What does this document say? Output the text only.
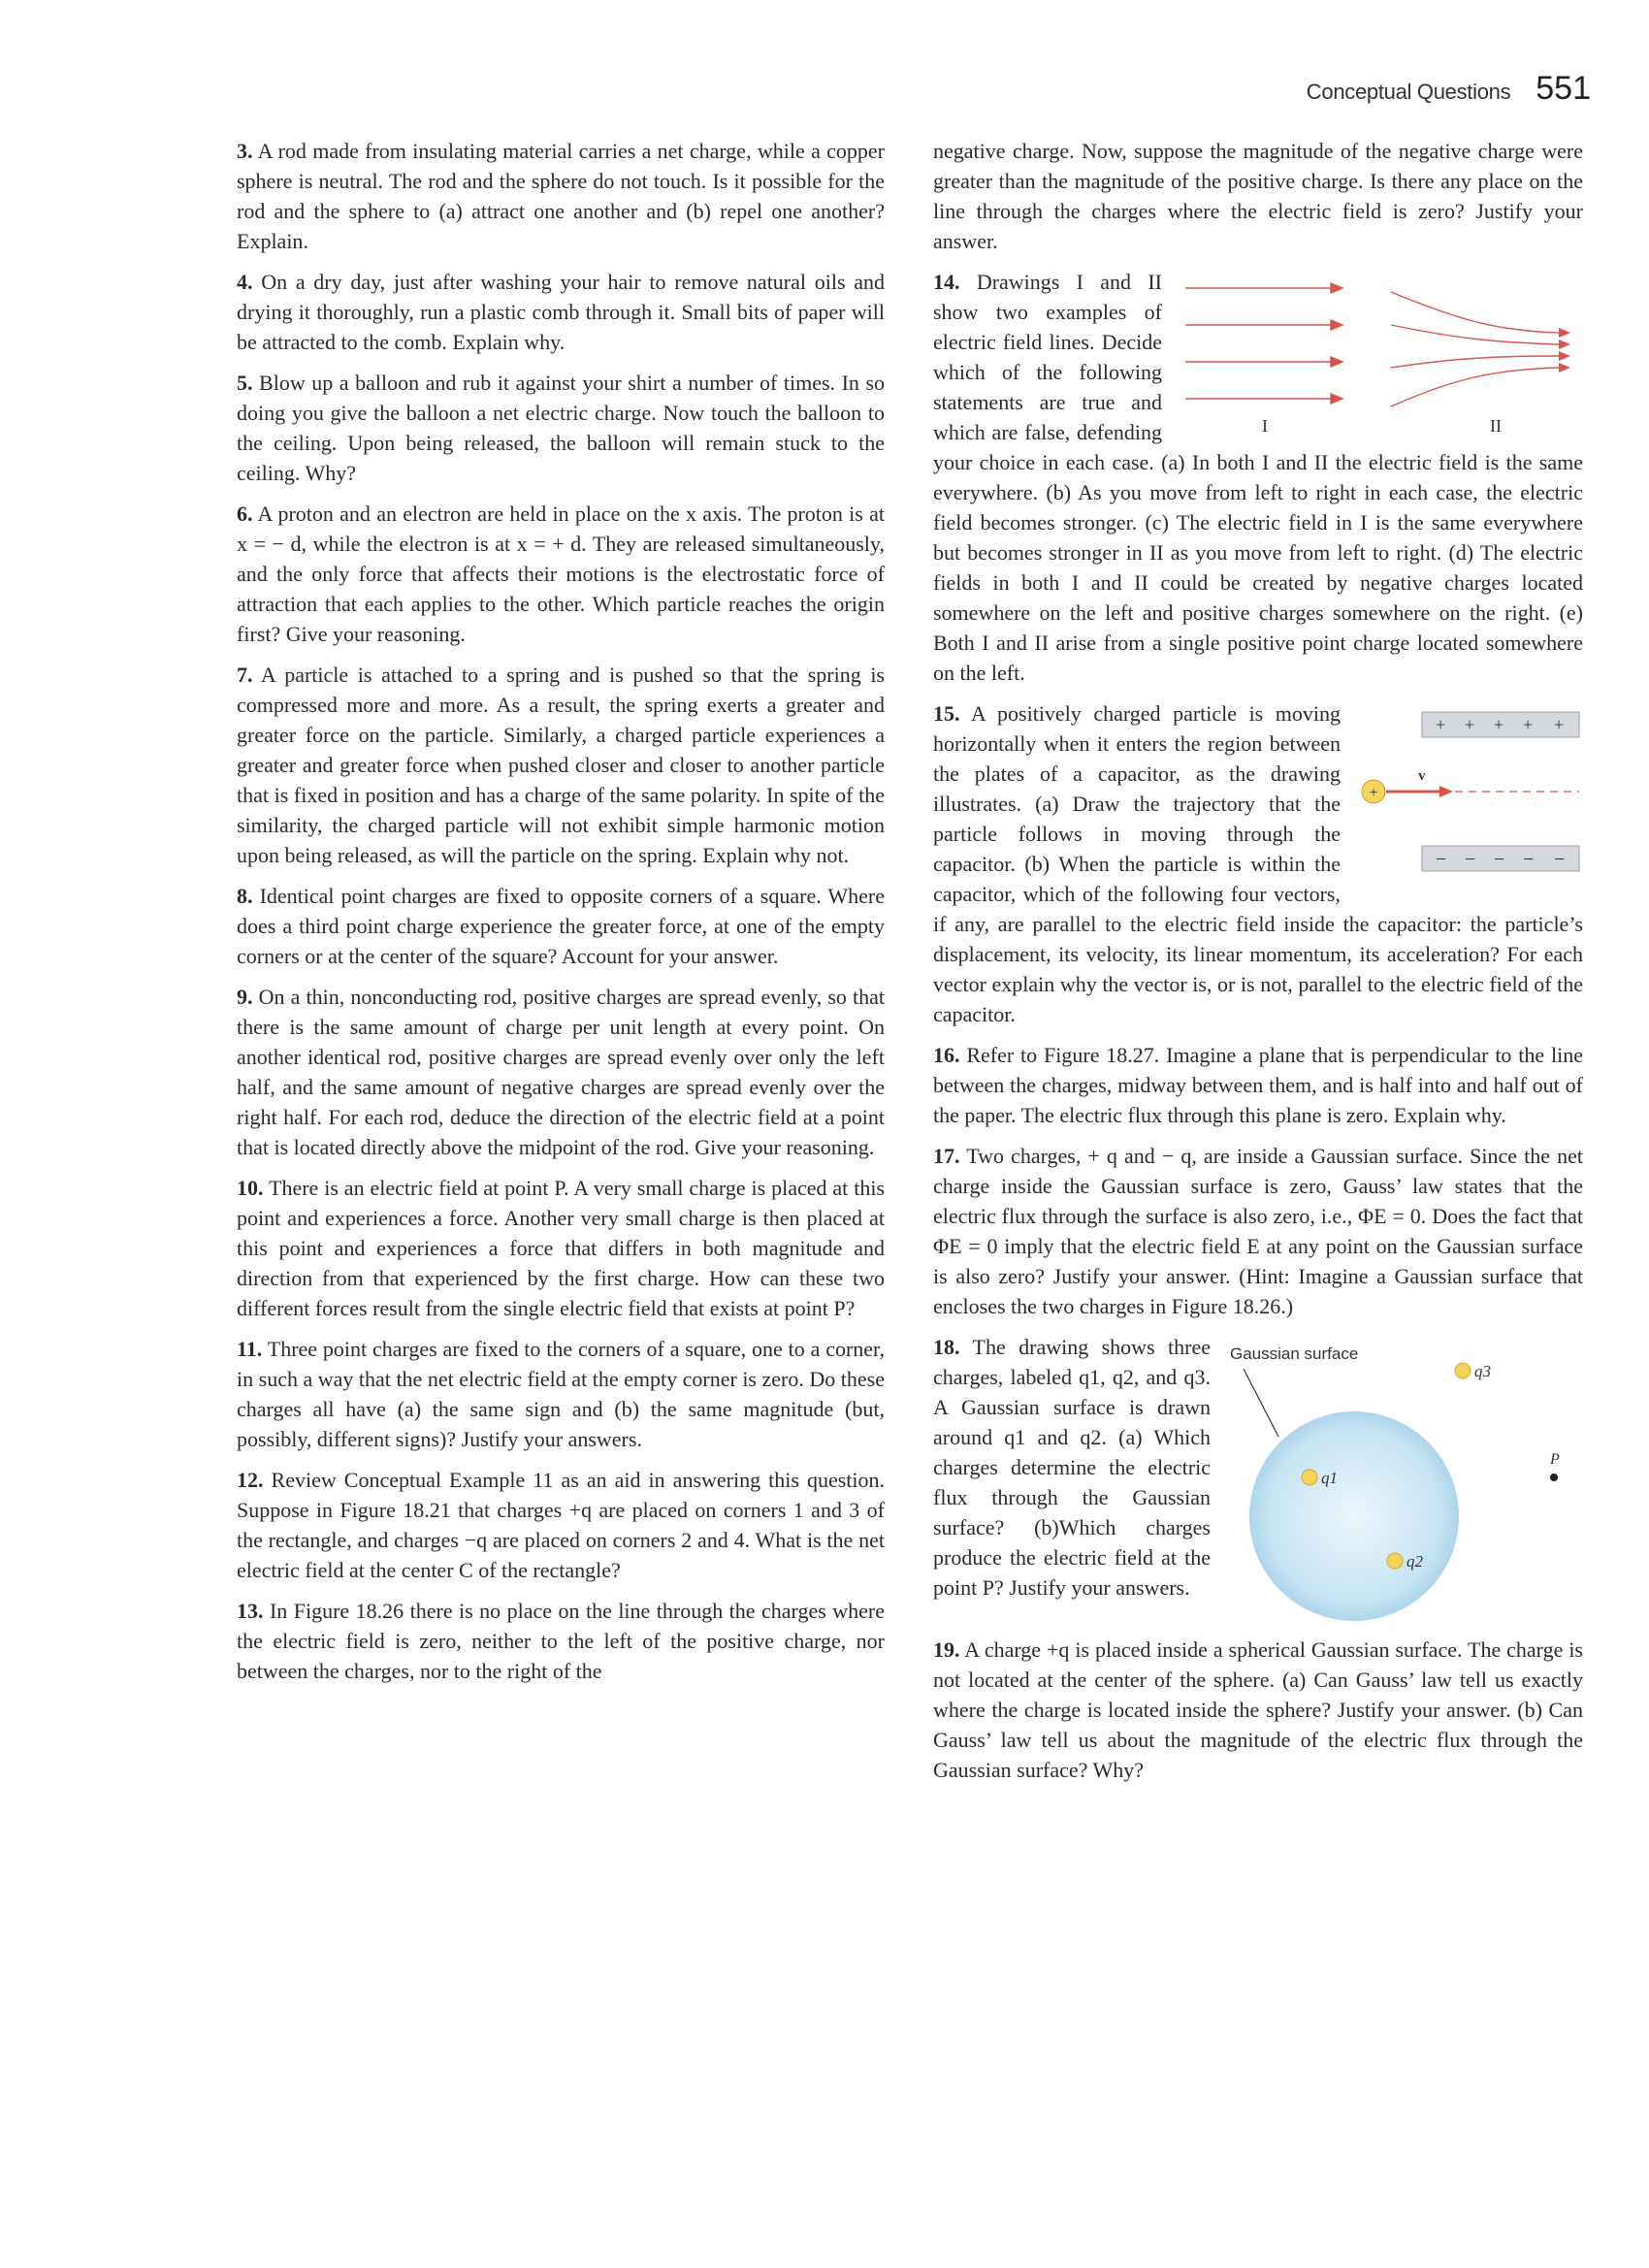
Conceptual Questions 551

3. A rod made from insulating material carries a net charge, while a copper sphere is neutral. The rod and the sphere do not touch. Is it possible for the rod and the sphere to (a) attract one another and (b) repel one another? Explain.

4. On a dry day, just after washing your hair to remove natural oils and drying it thoroughly, run a plastic comb through it. Small bits of paper will be attracted to the comb. Explain why.

5. Blow up a balloon and rub it against your shirt a number of times. In so doing you give the balloon a net electric charge. Now touch the balloon to the ceiling. Upon being released, the balloon will remain stuck to the ceiling. Why?

6. A proton and an electron are held in place on the x axis. The proton is at x = − d, while the electron is at x = + d. They are released simultaneously, and the only force that affects their motions is the electrostatic force of attraction that each applies to the other. Which particle reaches the origin first? Give your reasoning.

7. A particle is attached to a spring and is pushed so that the spring is compressed more and more. As a result, the spring exerts a greater and greater force on the particle. Similarly, a charged particle experiences a greater and greater force when pushed closer and closer to another particle that is fixed in position and has a charge of the same polarity. In spite of the similarity, the charged particle will not exhibit simple harmonic motion upon being released, as will the particle on the spring. Explain why not.

8. Identical point charges are fixed to opposite corners of a square. Where does a third point charge experience the greater force, at one of the empty corners or at the center of the square? Account for your answer.

9. On a thin, nonconducting rod, positive charges are spread evenly, so that there is the same amount of charge per unit length at every point. On another identical rod, positive charges are spread evenly over only the left half, and the same amount of negative charges are spread evenly over the right half. For each rod, deduce the direction of the electric field at a point that is located directly above the midpoint of the rod. Give your reasoning.

10. There is an electric field at point P. A very small charge is placed at this point and experiences a force. Another very small charge is then placed at this point and experiences a force that differs in both magnitude and direction from that experienced by the first charge. How can these two different forces result from the single electric field that exists at point P?

11. Three point charges are fixed to the corners of a square, one to a corner, in such a way that the net electric field at the empty corner is zero. Do these charges all have (a) the same sign and (b) the same magnitude (but, possibly, different signs)? Justify your answers.

12. Review Conceptual Example 11 as an aid in answering this question. Suppose in Figure 18.21 that charges +q are placed on corners 1 and 3 of the rectangle, and charges −q are placed on corners 2 and 4. What is the net electric field at the center C of the rectangle?

13. In Figure 18.26 there is no place on the line through the charges where the electric field is zero, neither to the left of the positive charge, nor between the charges, nor to the right of the

negative charge. Now, suppose the magnitude of the negative charge were greater than the magnitude of the positive charge. Is there any place on the line through the charges where the electric field is zero? Justify your answer.

I	II
14. Drawings I and II show two examples of electric field lines. Decide which of the following statements are true and which are false, defending your choice in each case. (a) In both I and II the electric field is the same everywhere. (b) As you move from left to right in each case, the electric field becomes stronger. (c) The electric field in I is the same everywhere but becomes stronger in II as you move from left to right. (d) The electric fields in both I and II could be created by negative charges located somewhere on the left and positive charges somewhere on the right. (e) Both I and II arise from a single positive point charge located somewhere on the left.
+ + + + +
− − − − −
+
v
15. A positively charged particle is moving horizontally when it enters the region between the plates of a capacitor, as the drawing illustrates. (a) Draw the trajectory that the particle follows in moving through the capacitor. (b) When the particle is within the capacitor, which of the following four vectors, if any, are parallel to the electric field inside the capacitor: the particle’s displacement, its velocity, its linear momentum, its acceleration? For each vector explain why the vector is, or is not, parallel to the electric field of the capacitor.

16. Refer to Figure 18.27. Imagine a plane that is perpendicular to the line between the charges, midway between them, and is half into and half out of the paper. The electric flux through this plane is zero. Explain why.

17. Two charges, + q and − q, are inside a Gaussian surface. Since the net charge inside the Gaussian surface is zero, Gauss’ law states that the electric flux through the surface is also zero, i.e., ΦE = 0. Does the fact that ΦE = 0 imply that the electric field E at any point on the Gaussian surface is also zero? Justify your answer. (Hint: Imagine a Gaussian surface that encloses the two charges in Figure 18.26.)

Gaussian surface
q1
q2
q3
P
18. The drawing shows three charges, labeled q1, q2, and q3. A Gaussian surface is drawn around q1 and q2. (a) Which charges determine the electric flux through the Gaussian surface? (b)Which charges produce the electric field at the point P? Justify your answers.

19. A charge +q is placed inside a spherical Gaussian surface. The charge is not located at the center of the sphere. (a) Can Gauss’ law tell us exactly where the charge is located inside the sphere? Justify your answer. (b) Can Gauss’ law tell us about the magnitude of the electric flux through the Gaussian surface? Why?
